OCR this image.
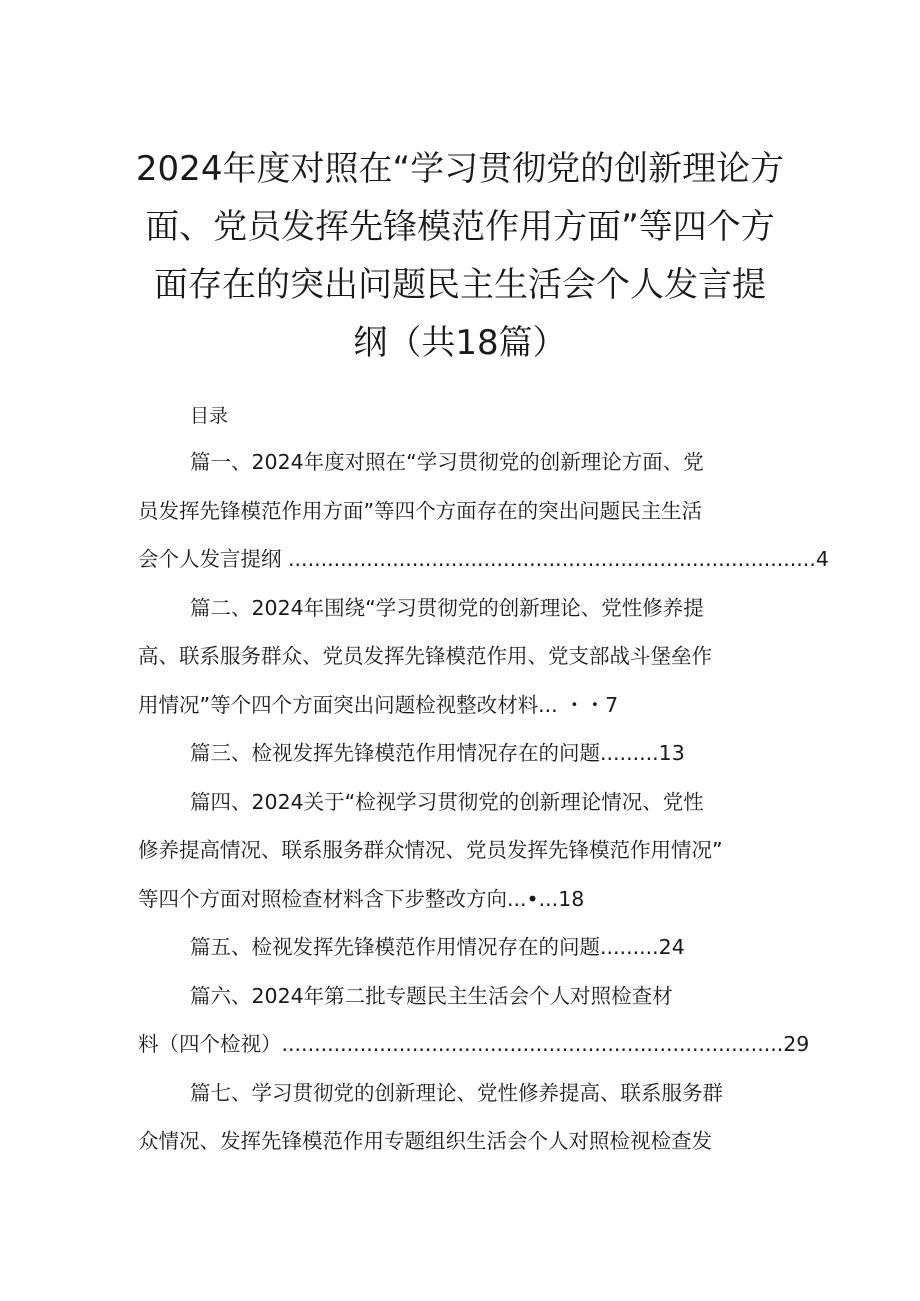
2024年度对照在“学习贯彻党的创新理论方
面、党员发挥先锋模范作用方面”等四个方
面存在的突出问题民主生活会个人发言提
纲（共18篇）
目录
篇一、2024年度对照在“学习贯彻党的创新理论方面、党
员发挥先锋模范作用方面”等四个方面存在的突出问题民主生活
会个人发言提纲 .................................................................................4
篇二、2024年围绕“学习贯彻党的创新理论、党性修养提
高、联系服务群众、党员发挥先锋模范作用、党支部战斗堡垒作
用情况”等个四个方面突出问题检视整改材料... ・・7
篇三、检视发挥先锋模范作用情况存在的问题.........13
篇四、2024关于“检视学习贯彻党的创新理论情况、党性
修养提高情况、联系服务群众情况、党员发挥先锋模范作用情况”
等四个方面对照检查材料含下步整改方向...•...18
篇五、检视发挥先锋模范作用情况存在的问题.........24
篇六、2024年第二批专题民主生活会个人对照检查材
料（四个检视）.............................................................................29
篇七、学习贯彻党的创新理论、党性修养提高、联系服务群
众情况、发挥先锋模范作用专题组织生活会个人对照检视检查发
